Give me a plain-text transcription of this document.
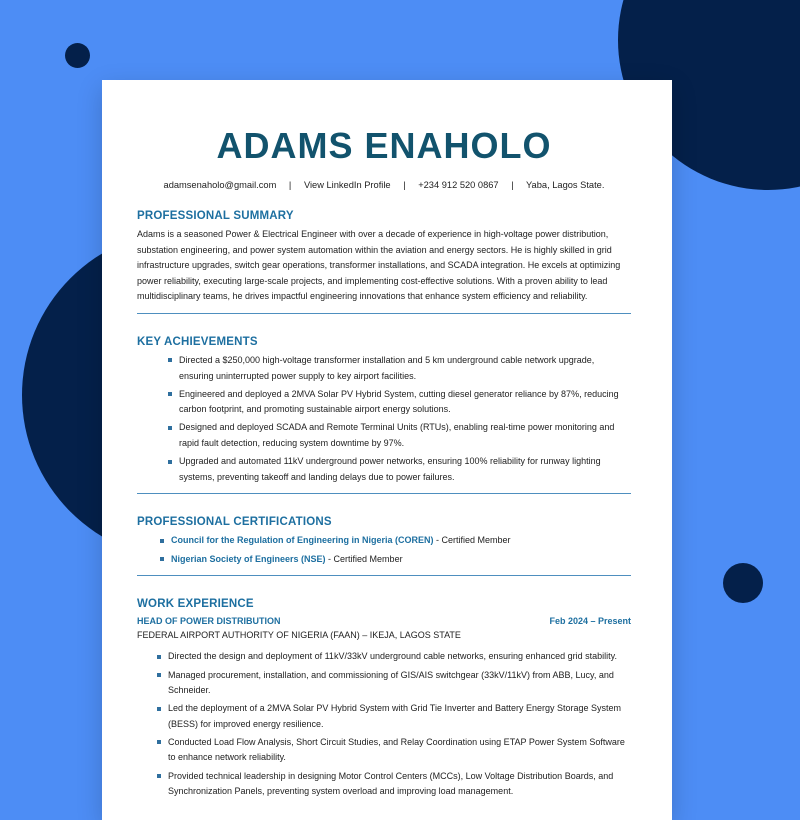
ADAMS ENAHOLO
adamsenaholo@gmail.com | View LinkedIn Profile | +234 912 520 0867 | Yaba, Lagos State.
PROFESSIONAL SUMMARY

Adams is a seasoned Power & Electrical Engineer with over a decade of experience in high-voltage power distribution, substation engineering, and power system automation within the aviation and energy sectors. He is highly skilled in grid infrastructure upgrades, switch gear operations, transformer installations, and SCADA integration. He excels at optimizing power reliability, executing large-scale projects, and implementing cost-effective solutions. With a proven ability to lead multidisciplinary teams, he drives impactful engineering innovations that enhance system efficiency and reliability.

KEY ACHIEVEMENTS
Directed a $250,000 high-voltage transformer installation and 5 km underground cable network upgrade, ensuring uninterrupted power supply to key airport facilities.
Engineered and deployed a 2MVA Solar PV Hybrid System, cutting diesel generator reliance by 87%, reducing carbon footprint, and promoting sustainable airport energy solutions.
Designed and deployed SCADA and Remote Terminal Units (RTUs), enabling real-time power monitoring and rapid fault detection, reducing system downtime by 97%.
Upgraded and automated 11kV underground power networks, ensuring 100% reliability for runway lighting systems, preventing takeoff and landing delays due to power failures.
PROFESSIONAL CERTIFICATIONS
Council for the Regulation of Engineering in Nigeria (COREN) - Certified Member
Nigerian Society of Engineers (NSE) - Certified Member
WORK EXPERIENCE
HEAD OF POWER DISTRIBUTION	Feb 2024 – Present
FEDERAL AIRPORT AUTHORITY OF NIGERIA (FAAN) – IKEJA, LAGOS STATE
Directed the design and deployment of 11kV/33kV underground cable networks, ensuring enhanced grid stability.
Managed procurement, installation, and commissioning of GIS/AIS switchgear (33kV/11kV) from ABB, Lucy, and Schneider.
Led the deployment of a 2MVA Solar PV Hybrid System with Grid Tie Inverter and Battery Energy Storage System (BESS) for improved energy resilience.
Conducted Load Flow Analysis, Short Circuit Studies, and Relay Coordination using ETAP Power System Software to enhance network reliability.
Provided technical leadership in designing Motor Control Centers (MCCs), Low Voltage Distribution Boards, and Synchronization Panels, preventing system overload and improving load management.
